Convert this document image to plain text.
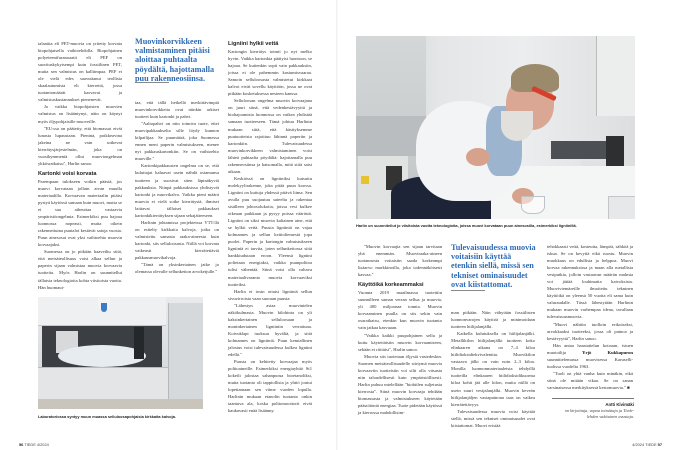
talaattia eli PET-muovia on yritetty korvata biopohjaisella vaihtoehdolla. Biopohjainen polyeteenifuranoaatti eli PEF on suorituskykyisempi kuin fossiilinen PET, mutta sen valmistus on kalliimpaa. PEF ei ole vielä edes saavuttanut teollista skaalautumista eli kierrettä, jossa tuotantomäärät kasvavat ja valmistuskustannukset pienenevät.

Ja vaikka biopohjaisten muovien valmistus on lisääntynyt, näin on käynyt myös öljypohjaisille muoveille.

"EU:ssa on päätetty, että biomassat eivät lunasta lupaustaan. Pieninä, poikkeavina jakeina ne vain sotkevat kierrätysjärjestelmän, joka on vuosikymmeniä ollut muoviongelman ykkösratkaisu", Harlin sanoo.

Kartonki voisi korvata

Parempaan tulokseen voikin päästä, jos muovi korvataan jollain aivan muulla materiaalilla. Korvaavan materiaalin pitäisi pystyä käytössä samaan kuin muovi, mutta se ei saa aiheuttaa vastaavia ympäristöongelmia. Esimerkiksi puu hajoaa luonnossa nopeasti, mutta oikein rakennettuina puutalot kestävät satoja vuosia. Puun ainesosat ovat yksi vaihtoehto muovin korvaajaksi.

Suomessa on jo pitkään haaveiltu siitä, että metsäteollisuus voisi alkaa sellun ja paperin sijaan valmistaa muovia korvaavia tuotteita. Myös Harlin on suunnitellut tällaisia teknologioita kohta viisitoista vuotta. Hän huomaut-

Muovinkorvikkeen valmistaminen pitäisi aloittaa puhtaalta pöydältä, hajottamalla puu rakenneosiinsa.

taa, että tällä hetkellä merkittävimpiä muovinkorvikkeita ovat niinkin arkiset tuotteet kuin kartonki ja pahvi.

"Aaltopahvi on niin toimiva tuote, ettei muovipakkaukselta sille löydy kunnon kilpailijaa. Se puumäärä, joka Suomessa ennen meni paperin valmistukseen, menee nyt pakkauskartonkiin. Se on vaihtoehto muoville."

Kartonkipakkausten ongelma on se, että kuluttajat haluavat usein nähdä ostamansa tuotteen ja suosivat siten läpinäkyviä pakkauksia. Niinpä pakkauksissa yhdistyvät kartonki ja muovikalvo. Vaikka pieni määrä muovia ei vielä sotke kierrätystä, ihmiset laittavat tällaiset pakkaukset kartonkikierrätyksen sijaan sekajätteeseen.

Harlinin johtamissa projekteissa VTT:llä on esitelty kirkkaita kalvoja, jotka on valmistettu samasta raaka-aineesta kuin kartonki, siis selluloosasta. Niillä voi korvata vaikeasti kierrätettäviä pakkausmuovikalvoja.

"Tämä on yksinkertainen jatke jo olemassa olevalle sellunkeiton arvoketjulle."

Ligniini hylkii vettä

Kartongin kierrätys toimii jo nyt melko hyvin. Vaikka kartonkia päätyisi luontoon, se hajoaa. Se kuitenkin sopii vain pakkauksiin, joissa ei ole pahemmin kastumisvaaraa. Samoin selluloosasta valmistetut kirkkaat kalvot eivät sovellu käyttöön, jossa ne ovat pitkään kosketuksessa nesteen kanssa.

Selluloosan ongelma muovin korvaajana on juuri siinä, että vedenkestävyyttä ja biohajoamista luonnossa on vaikea yhdistää samaan tuotteeseen. Tämä johtuu Harlinin mukaan siitä, että käsityksemme puutuotteista rajoittuu lähinnä paperiin ja kartonkiin. Tulevaisuudessa muovinkorvikkeen valmistaminen voisi lähteä puhtaalta pöydältä: hajottamalla puu rakenneosiinsa ja katsomalla, mitä siitä saisi aikaan.

Keskiössä on ligniiniksi kutsuttu molekyylirakenne, joka pitää puun koossa. Ligniini on kuituja yhdessä pitävä liima. Sen avulla puu suojautuu sateelta ja rakentaa sisälleen johtosolukoita, joissa vesi kulkee oikeaan paikkaan ja pysyy poissa väärästä. Ligniini on siksi muovin kaltainen aine, että se hylkii vettä. Puusta ligniiniä on vajaa kolmannes ja sellun keittoliemestä jopa puolet. Paperin ja kartongin valmistukseen ligniiniä ei tarvita, joten sellunkeitossa siitä hankkiudutaan eroon. Yleensä ligniini poltetaan energiaksi, vaikka puunpolttoa tulisi vähentää. Siinä voisi olla valtava materiaalivaranto muovia korvaaviksi tuotteiksi.

Harlin ei tosin ottaisi ligniiniä sellun sivuvirroista vaan suoraan puusta.

"Lähestyn asiaa muovinielen näkökulmasta. Muovin kilohinta on yli kaksinkertainen selluloosaan ja moninkertainen ligniiniin verrattuna. Koivuklapi tuoksuu hyvältä, ja siitä kolmannes on ligniiniä. Puun kemiallinen jalostus voisi tulevaisuudessa kulkea ligniini edellä."

Puusta on kehitetty korvaajaa myös polttoaineille. Esimerkiksi energiayhtiö St1 kokeili jalostaa sahanpurua bioetanoliksi, mutta tuotanto oli tappiollista ja yhtiö joutui lopettamaan sen viime vuoden lopulla. Harlinin mukaan etanolin tuotanto onkin taantuva ala, koska polttomoottorit eivät kaukavasti enää lisäänny.

Laboratoriossa syntyy muun muassa selluloosapohjaisia kirkkaita kalvoja.
56 TIEDE 4/2024
Harlin on suunnitellut jo viisitoista vuotta teknologioita, joissa muovi korvataan puun ainesosilla, esimerkiksi ligniinillä.

"Muovin korvaajia sen sijaan tarvitaan yhä enemmän. Muoviraaka-aineen tuotannosta voitaisiin saada korkeampi lisäarvo markkinoilla, joka todennäköisesti kasvaa."

Käyttöikä korkeammaksi

Vuonna 2019 maailmassa tuotettiin suunnilleen saman verran sellua ja muovia, yli 400 miljoonaa tonnia. Muovin korvaaminen puulla on siis sekin vain osaratkaisu, etenkin kun muovin tuotanto vain jatkaa kasvuaan.

"Vaikka kaikki puupohjainen sellu ja kuitu käytettäisiin muovin korvaamiseen, sekään ei riittäisi", Harlin sanoo.

Muovia siis tuotetaan öljystä vastedeskin. Suomen metsäteollisuudelle siirtymä muovia korvaaviin tuotteisiin voi silti olla viisasta niin taloudellisesti kuin ympäristöllisesti. Harlin puhuu mielellään "biobiilen suljetusta kierrosta". Siinä muovin korvaaja tehdään biomassasta ja valmistukseen käytetään päästötöntä energiaa. Tuote pidetään käytössä ja kierrossa mahdollisim-

Tulevaisuudessa muovia voitaisiin käyttää etenkin siellä, missä sen tekniset ominaisuudet ovat kiistattomat.

man pitkään. Näin vähytään fossiilisten luonnonvarojen käyttöä ja minimoidaan tuotteen hiilijalanjälki.

Kaikella kulutuksella on hiilijalanjälki. Metallikilon hiilijalanjälki tuotteen koko elinkaaren aikana on 7–4 kiloa hiilidioksidiekvivalenttia. Muovikilon vastaava jälki on vain noin 2–3 kiloa. Monilla luonnonmateriaaleista tehdyillä tuotteilla elinkaaren hiilidioksidikuorma kiloa kohti jää alle kilon, mutta niillä on usein suuri vesijalanjälki. Muovin keveän hiilijalanjäljen vastapainona taas on vaikea kierrätettävyys.

Tulevaisuudessa muovia voisi käyttää siellä, missä sen tekniset ominaisuudet ovat kiistattomat. Muovi eristää

tehokkaasti vettä, kosteutta, lämpöä, sähköä ja iskua. Se on kevyttä eikä ruostu. Muovin muokkaus on edullista ja helppoa. Muovi korvaa rakennuksissa ja maan alla metallisia vesiputkia, jolloin vastaavan määrän malmia voi jättää louhimatta kaivoksista. Muoviviemäreille ilmoitettu tekninen käyttöikä on yleensä 50 vuotta eli sama kuin valuraudalle. Tässä lähestytään Harlinin mukaan muovin varhempaa ideaa, tavallaan tulevaisuusmuovia.

"Muovi nähtiin tuolloin erikoiseksi, arvokkaaksi tuotteeksi, jossa oli painoa ja kestävyyttä", Harlin sanoo.

Hän antaa haastattelun kotoaan, istuen muotoilija Yrjö Kukkapuron suunnittelemassa muovisessa Karuselli-tuolissa vuodelta 1963.

"Tuoli on yhtä vanha kuin minäkin, eikä siinä ole mitään vikaa. Se on sanan varsinaisessa merkityksessä kestomuovia." ■

Antti Kivimäki
on kirjoittaja, vapaa toimittaja ja Tiede-lehden vakituinen avustaja.
4/2024 TIEDE 57
